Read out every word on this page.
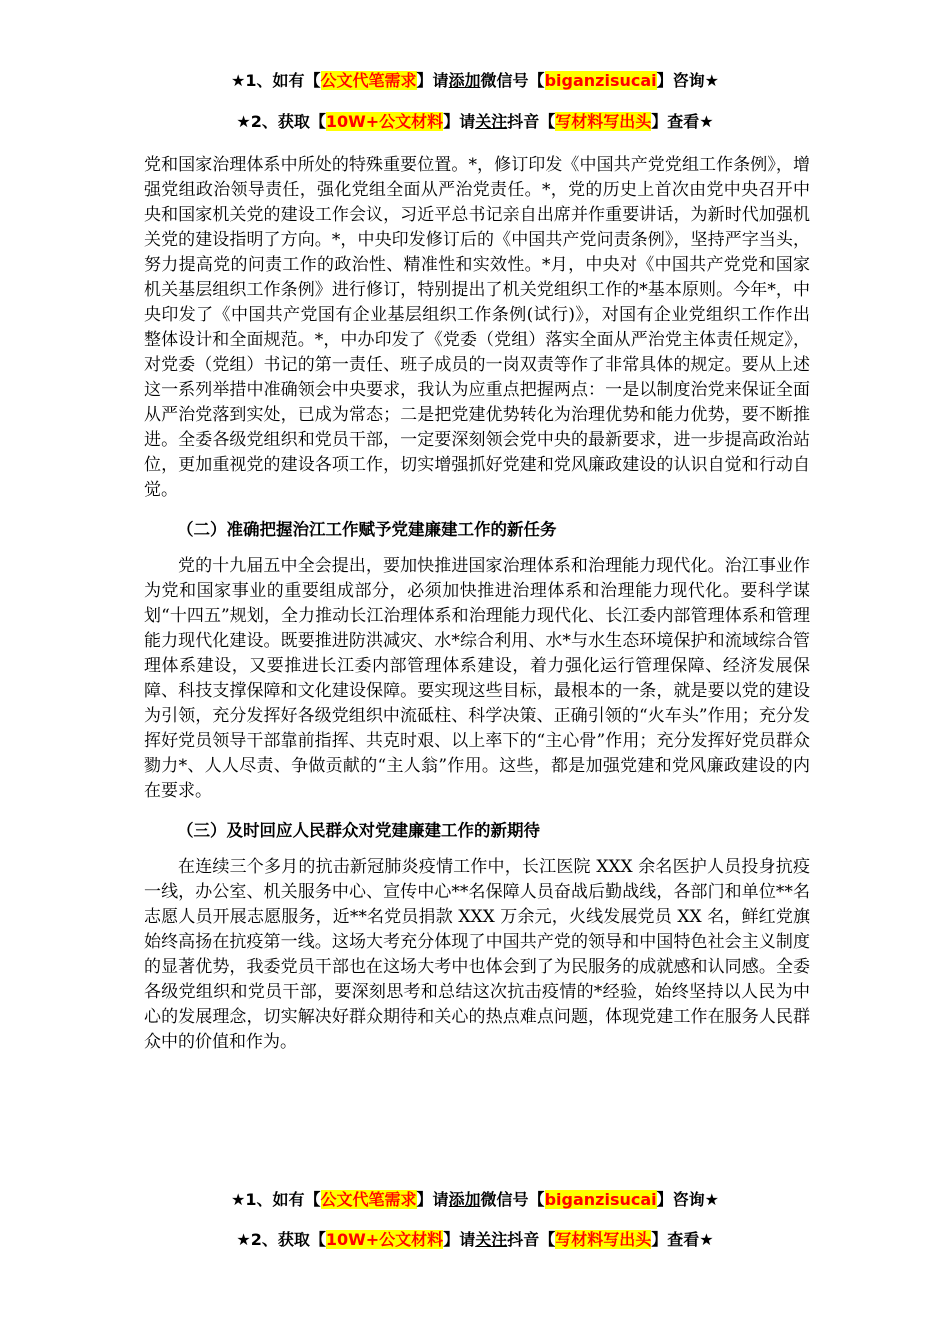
★1、如有【公文代笔需求】请添加微信号【biganzisucai】咨询★
★2、获取【10W+公文材料】请关注抖音【写材料写出头】查看★

党和国家治理体系中所处的特殊重要位置。*，修订印发《中国共产党党组工作条例》，增强党组政治领导责任，强化党组全面从严治党责任。*，党的历史上首次由党中央召开中央和国家机关党的建设工作会议，习近平总书记亲自出席并作重要讲话，为新时代加强机关党的建设指明了方向。*，中央印发修订后的《中国共产党问责条例》，坚持严字当头，努力提高党的问责工作的政治性、精准性和实效性。*月，中央对《中国共产党党和国家机关基层组织工作条例》进行修订，特别提出了机关党组织工作的*基本原则。今年*，中央印发了《中国共产党国有企业基层组织工作条例(试行)》，对国有企业党组织工作作出整体设计和全面规范。*，中办印发了《党委（党组）落实全面从严治党主体责任规定》，对党委（党组）书记的第一责任、班子成员的一岗双责等作了非常具体的规定。要从上述这一系列举措中准确领会中央要求，我认为应重点把握两点：一是以制度治党来保证全面从严治党落到实处，已成为常态；二是把党建优势转化为治理优势和能力优势，要不断推进。全委各级党组织和党员干部，一定要深刻领会党中央的最新要求，进一步提高政治站位，更加重视党的建设各项工作，切实增强抓好党建和党风廉政建设的认识自觉和行动自觉。

（二）准确把握治江工作赋予党建廉建工作的新任务

党的十九届五中全会提出，要加快推进国家治理体系和治理能力现代化。治江事业作为党和国家事业的重要组成部分，必须加快推进治理体系和治理能力现代化。要科学谋划“十四五”规划，全力推动长江治理体系和治理能力现代化、长江委内部管理体系和管理能力现代化建设。既要推进防洪减灾、水*综合利用、水*与水生态环境保护和流域综合管理体系建设，又要推进长江委内部管理体系建设，着力强化运行管理保障、经济发展保障、科技支撑保障和文化建设保障。要实现这些目标，最根本的一条，就是要以党的建设为引领，充分发挥好各级党组织中流砥柱、科学决策、正确引领的“火车头”作用；充分发挥好党员领导干部靠前指挥、共克时艰、以上率下的“主心骨”作用；充分发挥好党员群众勠力*、人人尽责、争做贡献的“主人翁”作用。这些，都是加强党建和党风廉政建设的内在要求。

（三）及时回应人民群众对党建廉建工作的新期待

在连续三个多月的抗击新冠肺炎疫情工作中，长江医院 XXX 余名医护人员投身抗疫一线，办公室、机关服务中心、宣传中心**名保障人员奋战后勤战线，各部门和单位**名志愿人员开展志愿服务，近**名党员捐款 XXX 万余元，火线发展党员 XX 名，鲜红党旗始终高扬在抗疫第一线。这场大考充分体现了中国共产党的领导和中国特色社会主义制度的显著优势，我委党员干部也在这场大考中也体会到了为民服务的成就感和认同感。全委各级党组织和党员干部，要深刻思考和总结这次抗击疫情的*经验，始终坚持以人民为中心的发展理念，切实解决好群众期待和关心的热点难点问题，体现党建工作在服务人民群众中的价值和作为。

★1、如有【公文代笔需求】请添加微信号【biganzisucai】咨询★
★2、获取【10W+公文材料】请关注抖音【写材料写出头】查看★
